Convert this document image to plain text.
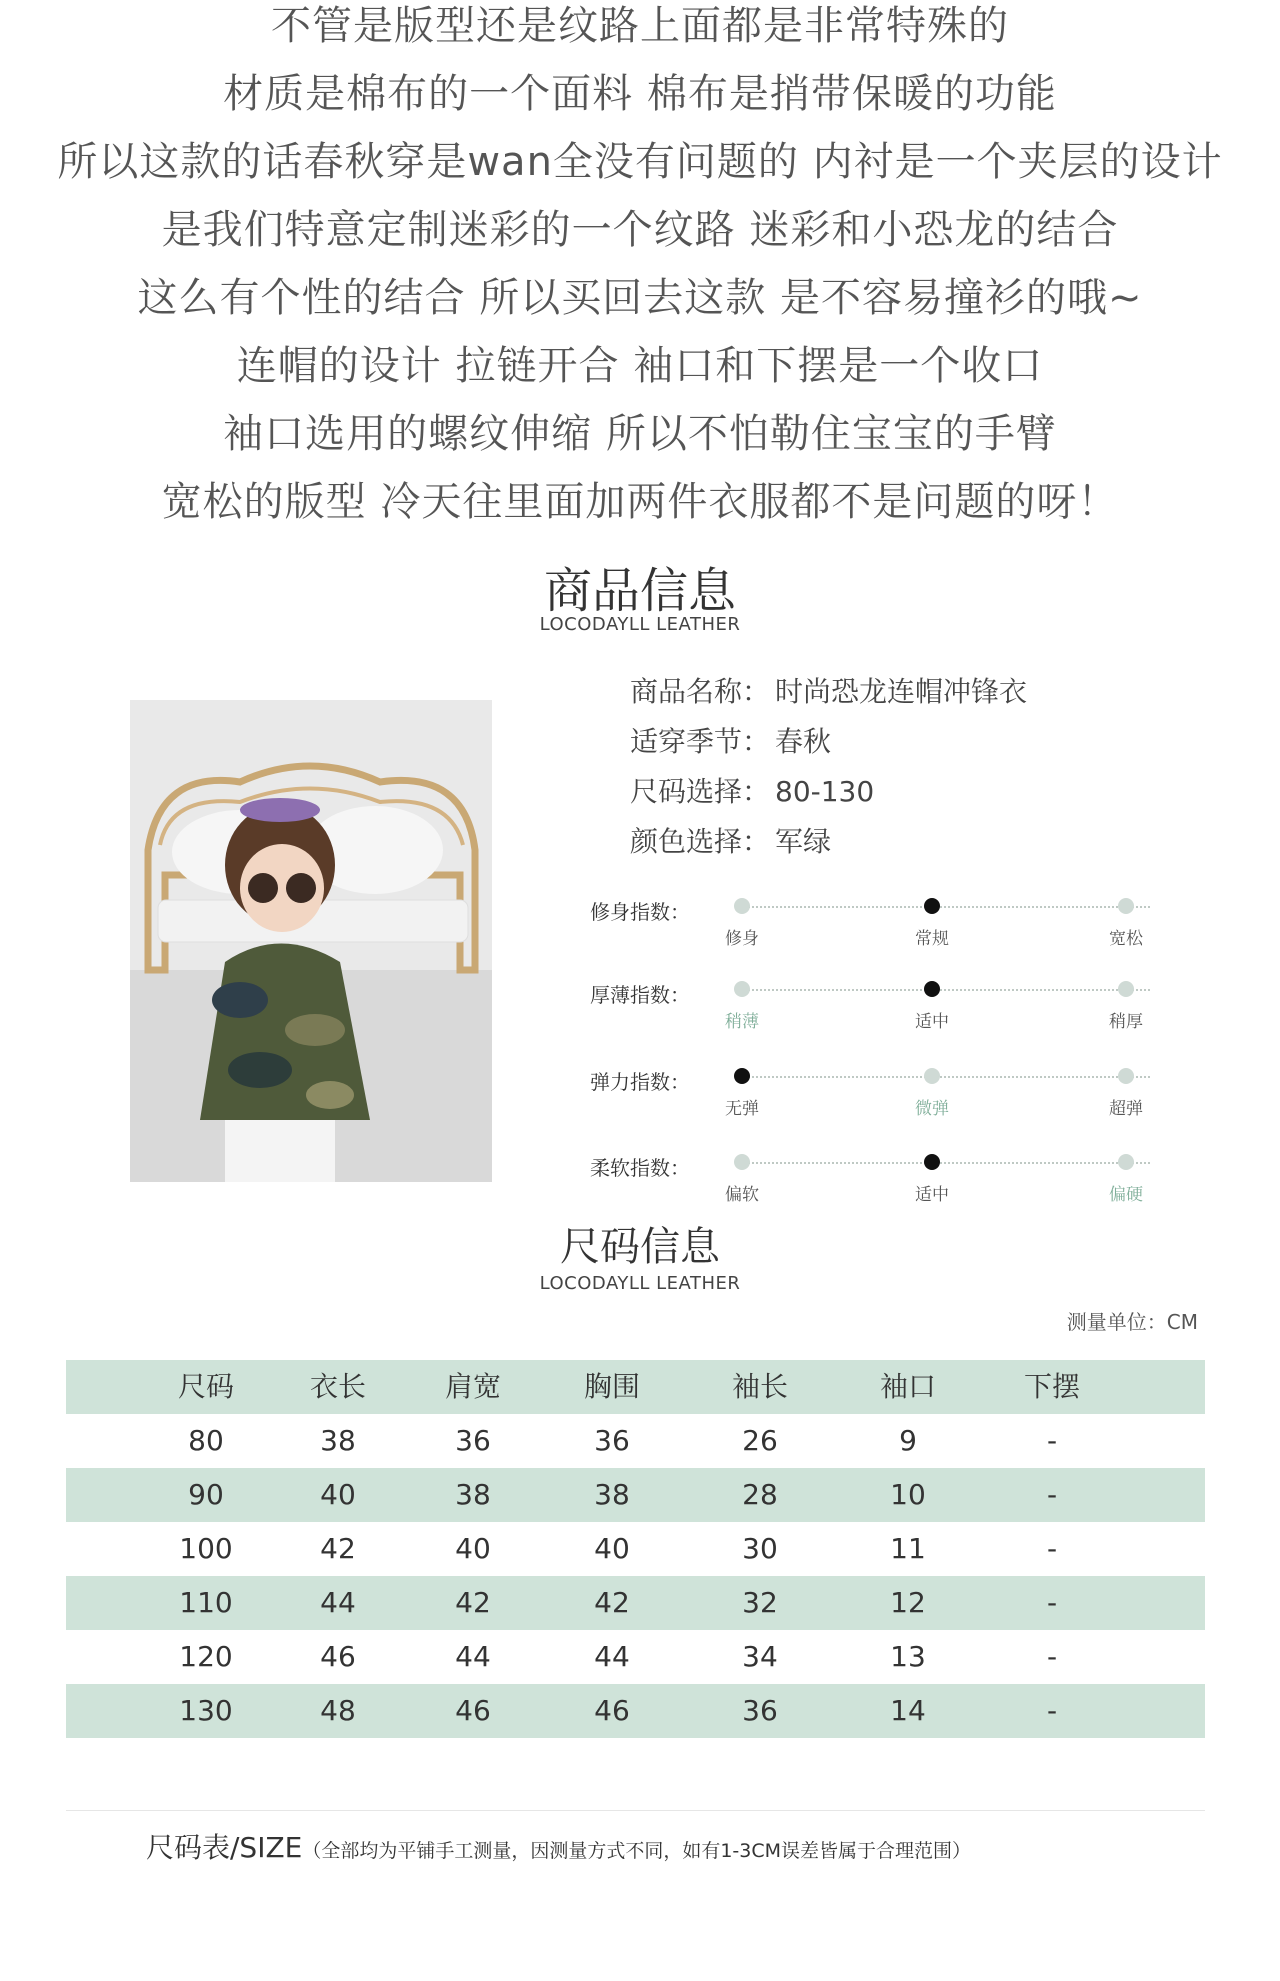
不管是版型还是纹路上面都是非常特殊的
材质是棉布的一个面料 棉布是捎带保暖的功能
所以这款的话春秋穿是wan全没有问题的 内衬是一个夹层的设计
是我们特意定制迷彩的一个纹路 迷彩和小恐龙的结合
这么有个性的结合 所以买回去这款 是不容易撞衫的哦~
连帽的设计 拉链开合 袖口和下摆是一个收口
袖口选用的螺纹伸缩 所以不怕勒住宝宝的手臂
宽松的版型 冷天往里面加两件衣服都不是问题的呀！
商品信息
LOCODAYLL LEATHER
商品名称： 时尚恐龙连帽冲锋衣
适穿季节： 春秋
尺码选择： 80-130
颜色选择： 军绿
修身指数：
修身	常规	宽松
厚薄指数：
稍薄	适中	稍厚
弹力指数：
无弹	微弹	超弹
柔软指数：
偏软	适中	偏硬
尺码信息
LOCODAYLL LEATHER
测量单位：CM
尺码	衣长	肩宽	胸围	袖长	袖口	下摆
80	38	36	36	26	9	-
90	40	38	38	28	10	-
100	42	40	40	30	11	-
110	44	42	42	32	12	-
120	46	44	44	34	13	-
130	48	46	46	36	14	-
尺码表/SIZE（全部均为平铺手工测量，因测量方式不同，如有1-3CM误差皆属于合理范围）
